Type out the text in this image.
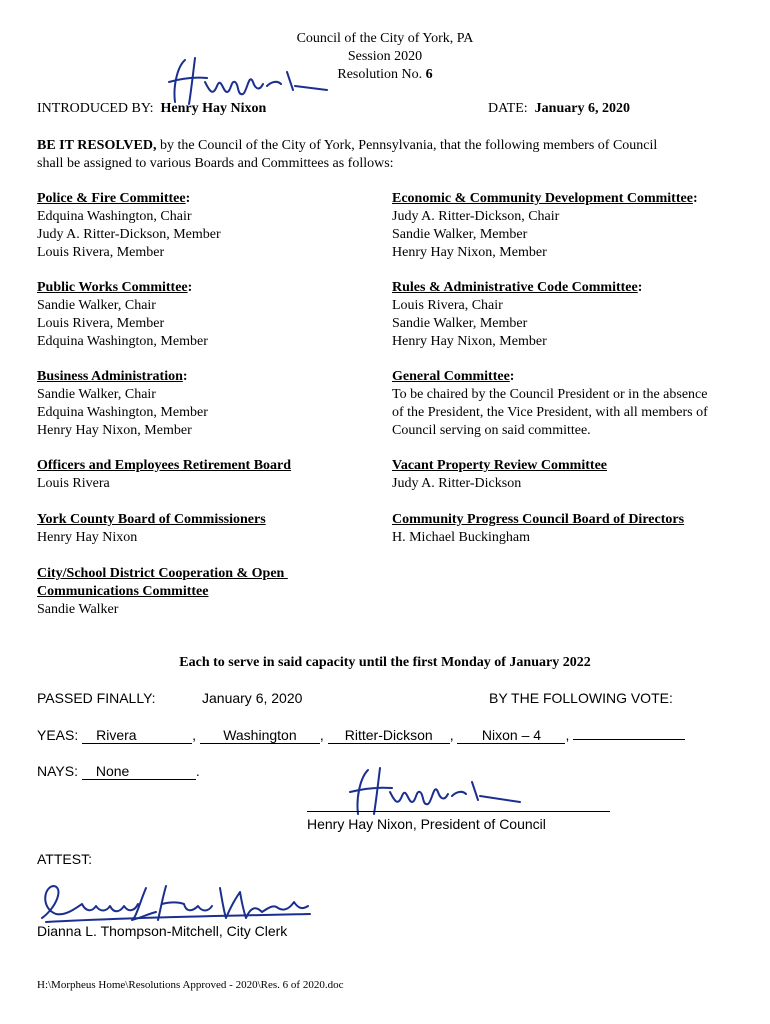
Council of the City of York, PA
Session 2020
Resolution No. 6
INTRODUCED BY: Henry Hay Nixon	DATE: January 6, 2020
BE IT RESOLVED, by the Council of the City of York, Pennsylvania, that the following members of Council
shall be assigned to various Boards and Committees as follows:
Police & Fire Committee:
Edquina Washington, Chair
Judy A. Ritter-Dickson, Member
Louis Rivera, Member
Public Works Committee:
Sandie Walker, Chair
Louis Rivera, Member
Edquina Washington, Member
Business Administration:
Sandie Walker, Chair
Edquina Washington, Member
Henry Hay Nixon, Member
Officers and Employees Retirement Board
Louis Rivera
York County Board of Commissioners
Henry Hay Nixon
City/School District Cooperation & Open
Communications Committee
Sandie Walker
Economic & Community Development Committee:
Judy A. Ritter-Dickson, Chair
Sandie Walker, Member
Henry Hay Nixon, Member
Rules & Administrative Code Committee:
Louis Rivera, Chair
Sandie Walker, Member
Henry Hay Nixon, Member
General Committee:
To be chaired by the Council President or in the absence
of the President, the Vice President, with all members of
Council serving on said committee.
Vacant Property Review Committee
Judy A. Ritter-Dickson
Community Progress Council Board of Directors
H. Michael Buckingham
Each to serve in said capacity until the first Monday of January 2022
PASSED FINALLY:	January 6, 2020	BY THE FOLLOWING VOTE:
YEAS: Rivera	, Washington , Ritter-Dickson , Nixon – 4 ,
NAYS: None	.
Henry Hay Nixon, President of Council
ATTEST:
Dianna L. Thompson-Mitchell, City Clerk
H:\Morpheus Home\Resolutions Approved - 2020\Res. 6 of 2020.doc
